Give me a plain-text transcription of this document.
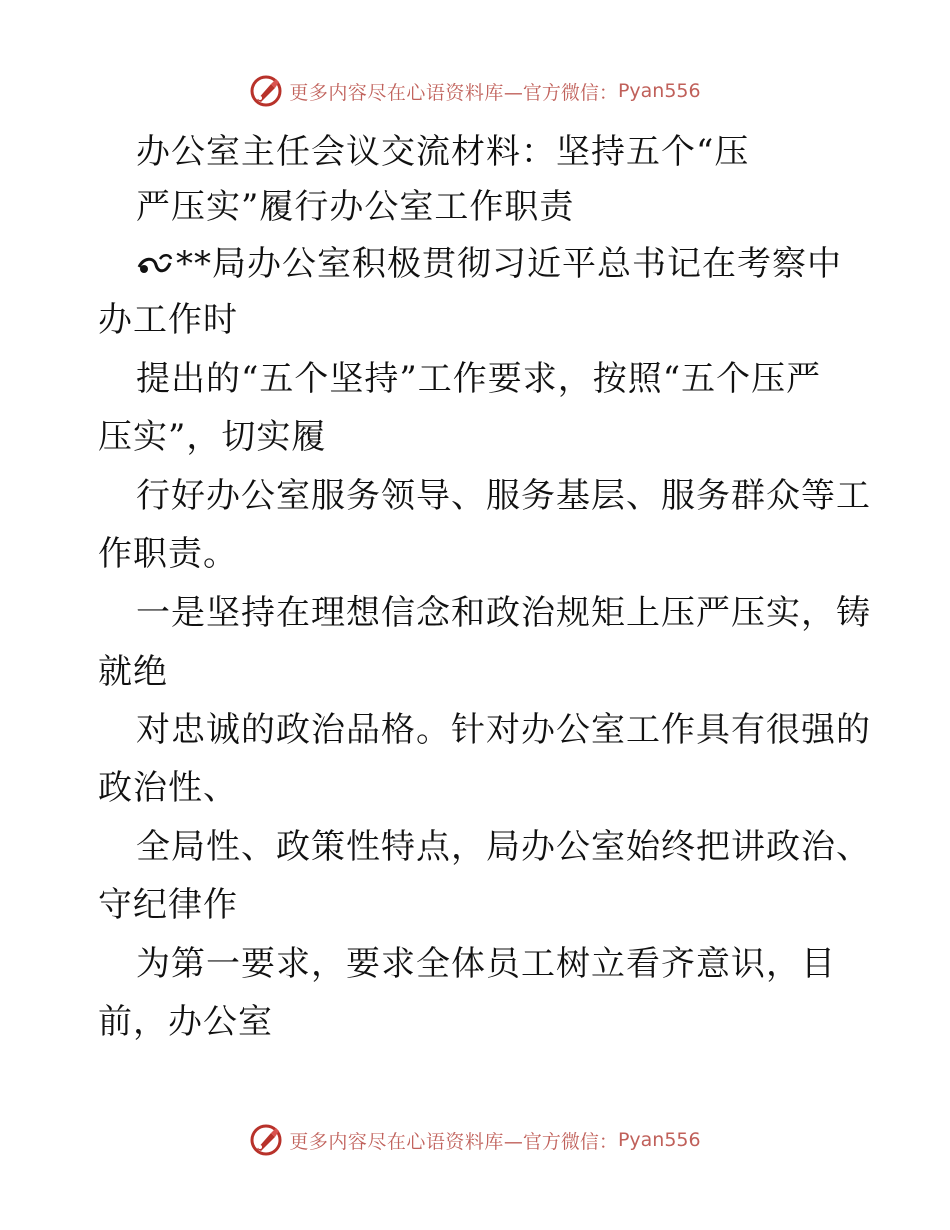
更多内容尽在心语资料库 —官方微信： Pyan556
办公室主任会议交流材料：坚持五个“压
严压实”履行办公室工作职责
**局办公室积极贯彻习近平总书记在考察中
办工作时
提出的“五个坚持”工作要求，按照“五个压严
压实”，切实履
行好办公室服务领导、服务基层、服务群众等工
作职责。
一是坚持在理想信念和政治规矩上压严压实，铸
就绝
对忠诚的政治品格。针对办公室工作具有很强的
政治性、
全局性、政策性特点，局办公室始终把讲政治、
守纪律作
为第一要求，要求全体员工树立看齐意识，目
前，办公室
更多内容尽在心语资料库 —官方微信： Pyan556
